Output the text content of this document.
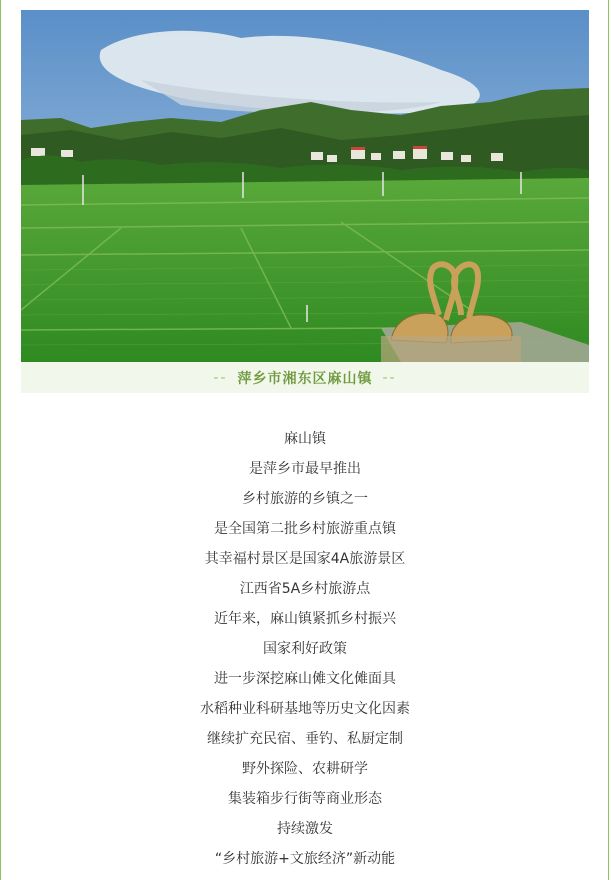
-- 萍乡市湘东区麻山镇 --
麻山镇
是萍乡市最早推出
乡村旅游的乡镇之一
是全国第二批乡村旅游重点镇
其幸福村景区是国家4A旅游景区
江西省5A乡村旅游点
近年来，麻山镇紧抓乡村振兴
国家利好政策
进一步深挖麻山傩文化傩面具
水稻种业科研基地等历史文化因素
继续扩充民宿、垂钓、私厨定制
野外探险、农耕研学
集装箱步行街等商业形态
持续激发
“乡村旅游+文旅经济”新动能
